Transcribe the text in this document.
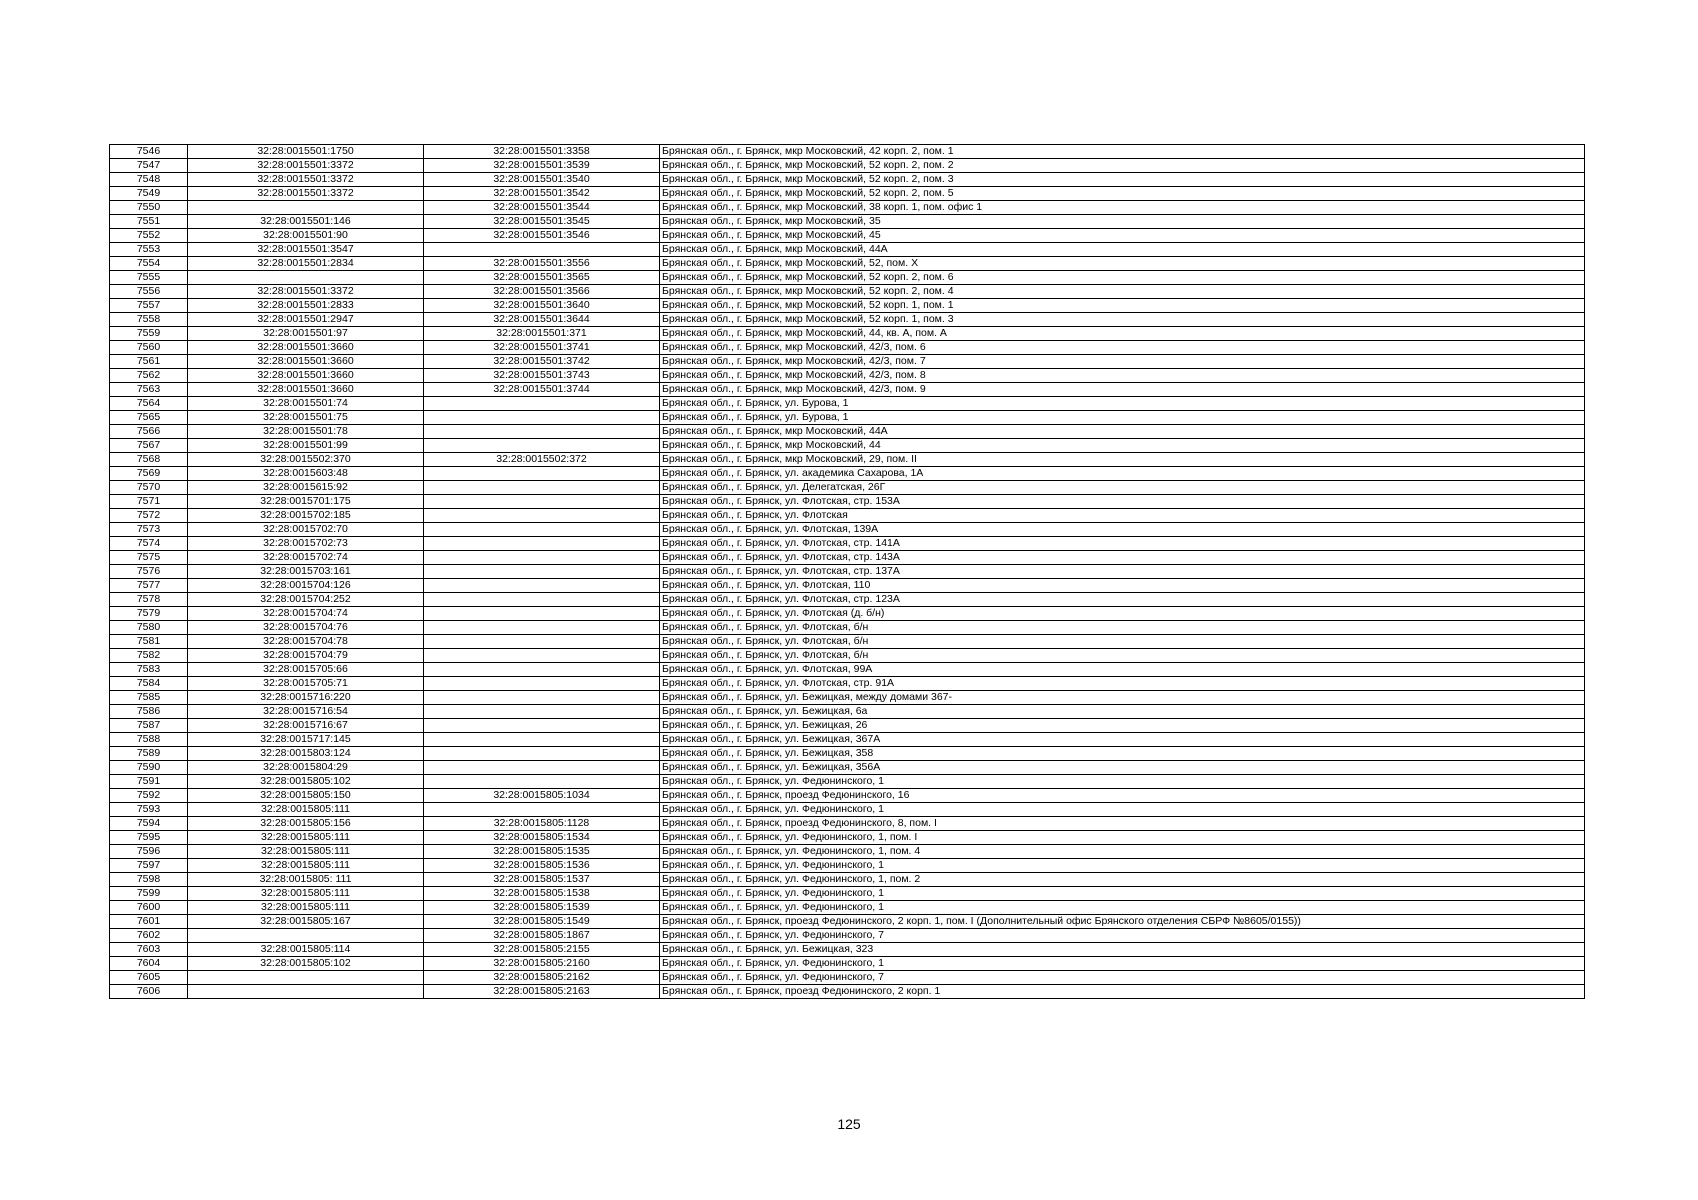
7546	32:28:0015501:1750	32:28:0015501:3358	Брянская обл., г. Брянск, мкр Московский, 42 корп. 2, пом. 1
7547	32:28:0015501:3372	32:28:0015501:3539	Брянская обл., г. Брянск, мкр Московский, 52 корп. 2, пом. 2
7548	32:28:0015501:3372	32:28:0015501:3540	Брянская обл., г. Брянск, мкр Московский, 52 корп. 2, пом. 3
7549	32:28:0015501:3372	32:28:0015501:3542	Брянская обл., г. Брянск, мкр Московский, 52 корп. 2, пом. 5
7550		32:28:0015501:3544	Брянская обл., г. Брянск, мкр Московский, 38 корп. 1, пом. офис 1
7551	32:28:0015501:146	32:28:0015501:3545	Брянская обл., г. Брянск, мкр Московский, 35
7552	32:28:0015501:90	32:28:0015501:3546	Брянская обл., г. Брянск, мкр Московский, 45
7553	32:28:0015501:3547		Брянская обл., г. Брянск, мкр Московский, 44А
7554	32:28:0015501:2834	32:28:0015501:3556	Брянская обл., г. Брянск, мкр Московский, 52, пом. X
7555		32:28:0015501:3565	Брянская обл., г. Брянск, мкр Московский, 52 корп. 2, пом. 6
7556	32:28:0015501:3372	32:28:0015501:3566	Брянская обл., г. Брянск, мкр Московский, 52 корп. 2, пом. 4
7557	32:28:0015501:2833	32:28:0015501:3640	Брянская обл., г. Брянск, мкр Московский, 52 корп. 1, пом. 1
7558	32:28:0015501:2947	32:28:0015501:3644	Брянская обл., г. Брянск, мкр Московский, 52 корп. 1, пом. 3
7559	32:28:0015501:97	32:28:0015501:371	Брянская обл., г. Брянск, мкр Московский, 44, кв. А, пом. А
7560	32:28:0015501:3660	32:28:0015501:3741	Брянская обл., г. Брянск, мкр Московский, 42/3, пом. 6
7561	32:28:0015501:3660	32:28:0015501:3742	Брянская обл., г. Брянск, мкр Московский, 42/3, пом. 7
7562	32:28:0015501:3660	32:28:0015501:3743	Брянская обл., г. Брянск, мкр Московский, 42/3, пом. 8
7563	32:28:0015501:3660	32:28:0015501:3744	Брянская обл., г. Брянск, мкр Московский, 42/3, пом. 9
7564	32:28:0015501:74		Брянская обл., г. Брянск, ул. Бурова, 1
7565	32:28:0015501:75		Брянская обл., г. Брянск, ул. Бурова, 1
7566	32:28:0015501:78		Брянская обл., г. Брянск, мкр Московский, 44А
7567	32:28:0015501:99		Брянская обл., г. Брянск, мкр Московский, 44
7568	32:28:0015502:370	32:28:0015502:372	Брянская обл., г. Брянск, мкр Московский, 29, пом. II
7569	32:28:0015603:48		Брянская обл., г. Брянск, ул. академика Сахарова, 1А
7570	32:28:0015615:92		Брянская обл., г. Брянск, ул. Делегатская, 26Г
7571	32:28:0015701:175		Брянская обл., г. Брянск, ул. Флотская, стр. 153А
7572	32:28:0015702:185		Брянская обл., г. Брянск, ул. Флотская
7573	32:28:0015702:70		Брянская обл., г. Брянск, ул. Флотская, 139А
7574	32:28:0015702:73		Брянская обл., г. Брянск, ул. Флотская, стр. 141А
7575	32:28:0015702:74		Брянская обл., г. Брянск, ул. Флотская, стр. 143А
7576	32:28:0015703:161		Брянская обл., г. Брянск, ул. Флотская, стр. 137А
7577	32:28:0015704:126		Брянская обл., г. Брянск, ул. Флотская, 110
7578	32:28:0015704:252		Брянская обл., г. Брянск, ул. Флотская, стр. 123А
7579	32:28:0015704:74		Брянская обл., г. Брянск, ул. Флотская (д. б/н)
7580	32:28:0015704:76		Брянская обл., г. Брянск, ул. Флотская, б/н
7581	32:28:0015704:78		Брянская обл., г. Брянск, ул. Флотская, б/н
7582	32:28:0015704:79		Брянская обл., г. Брянск, ул. Флотская, б/н
7583	32:28:0015705:66		Брянская обл., г. Брянск, ул. Флотская, 99А
7584	32:28:0015705:71		Брянская обл., г. Брянск, ул. Флотская, стр. 91А
7585	32:28:0015716:220		Брянская обл., г. Брянск, ул. Бежицкая, между домами 367-
7586	32:28:0015716:54		Брянская обл., г. Брянск, ул. Бежицкая, 6а
7587	32:28:0015716:67		Брянская обл., г. Брянск, ул. Бежицкая, 26
7588	32:28:0015717:145		Брянская обл., г. Брянск, ул. Бежицкая, 367А
7589	32:28:0015803:124		Брянская обл., г. Брянск, ул. Бежицкая, 358
7590	32:28:0015804:29		Брянская обл., г. Брянск, ул. Бежицкая, 356А
7591	32:28:0015805:102		Брянская обл., г. Брянск, ул. Федюнинского, 1
7592	32:28:0015805:150	32:28:0015805:1034	Брянская обл., г. Брянск, проезд Федюнинского, 16
7593	32:28:0015805:111		Брянская обл., г. Брянск, ул. Федюнинского, 1
7594	32:28:0015805:156	32:28:0015805:1128	Брянская обл., г. Брянск, проезд Федюнинского, 8, пом. I
7595	32:28:0015805:111	32:28:0015805:1534	Брянская обл., г. Брянск, ул. Федюнинского, 1, пом. I
7596	32:28:0015805:111	32:28:0015805:1535	Брянская обл., г. Брянск, ул. Федюнинского, 1, пом. 4
7597	32:28:0015805:111	32:28:0015805:1536	Брянская обл., г. Брянск, ул. Федюнинского, 1
7598	32:28:0015805: 111	32:28:0015805:1537	Брянская обл., г. Брянск, ул. Федюнинского, 1, пом. 2
7599	32:28:0015805:111	32:28:0015805:1538	Брянская обл., г. Брянск, ул. Федюнинского, 1
7600	32:28:0015805:111	32:28:0015805:1539	Брянская обл., г. Брянск, ул. Федюнинского, 1
7601	32:28:0015805:167	32:28:0015805:1549	Брянская обл., г. Брянск, проезд Федюнинского, 2 корп. 1, пом. I (Дополнительный офис Брянского отделения СБРФ №8605/0155))
7602		32:28:0015805:1867	Брянская обл., г. Брянск, ул. Федюнинского, 7
7603	32:28:0015805:114	32:28:0015805:2155	Брянская обл., г. Брянск, ул. Бежицкая, 323
7604	32:28:0015805:102	32:28:0015805:2160	Брянская обл., г. Брянск, ул. Федюнинского, 1
7605		32:28:0015805:2162	Брянская обл., г. Брянск, ул. Федюнинского, 7
7606		32:28:0015805:2163	Брянская обл., г. Брянск, проезд Федюнинского, 2 корп. 1
125
